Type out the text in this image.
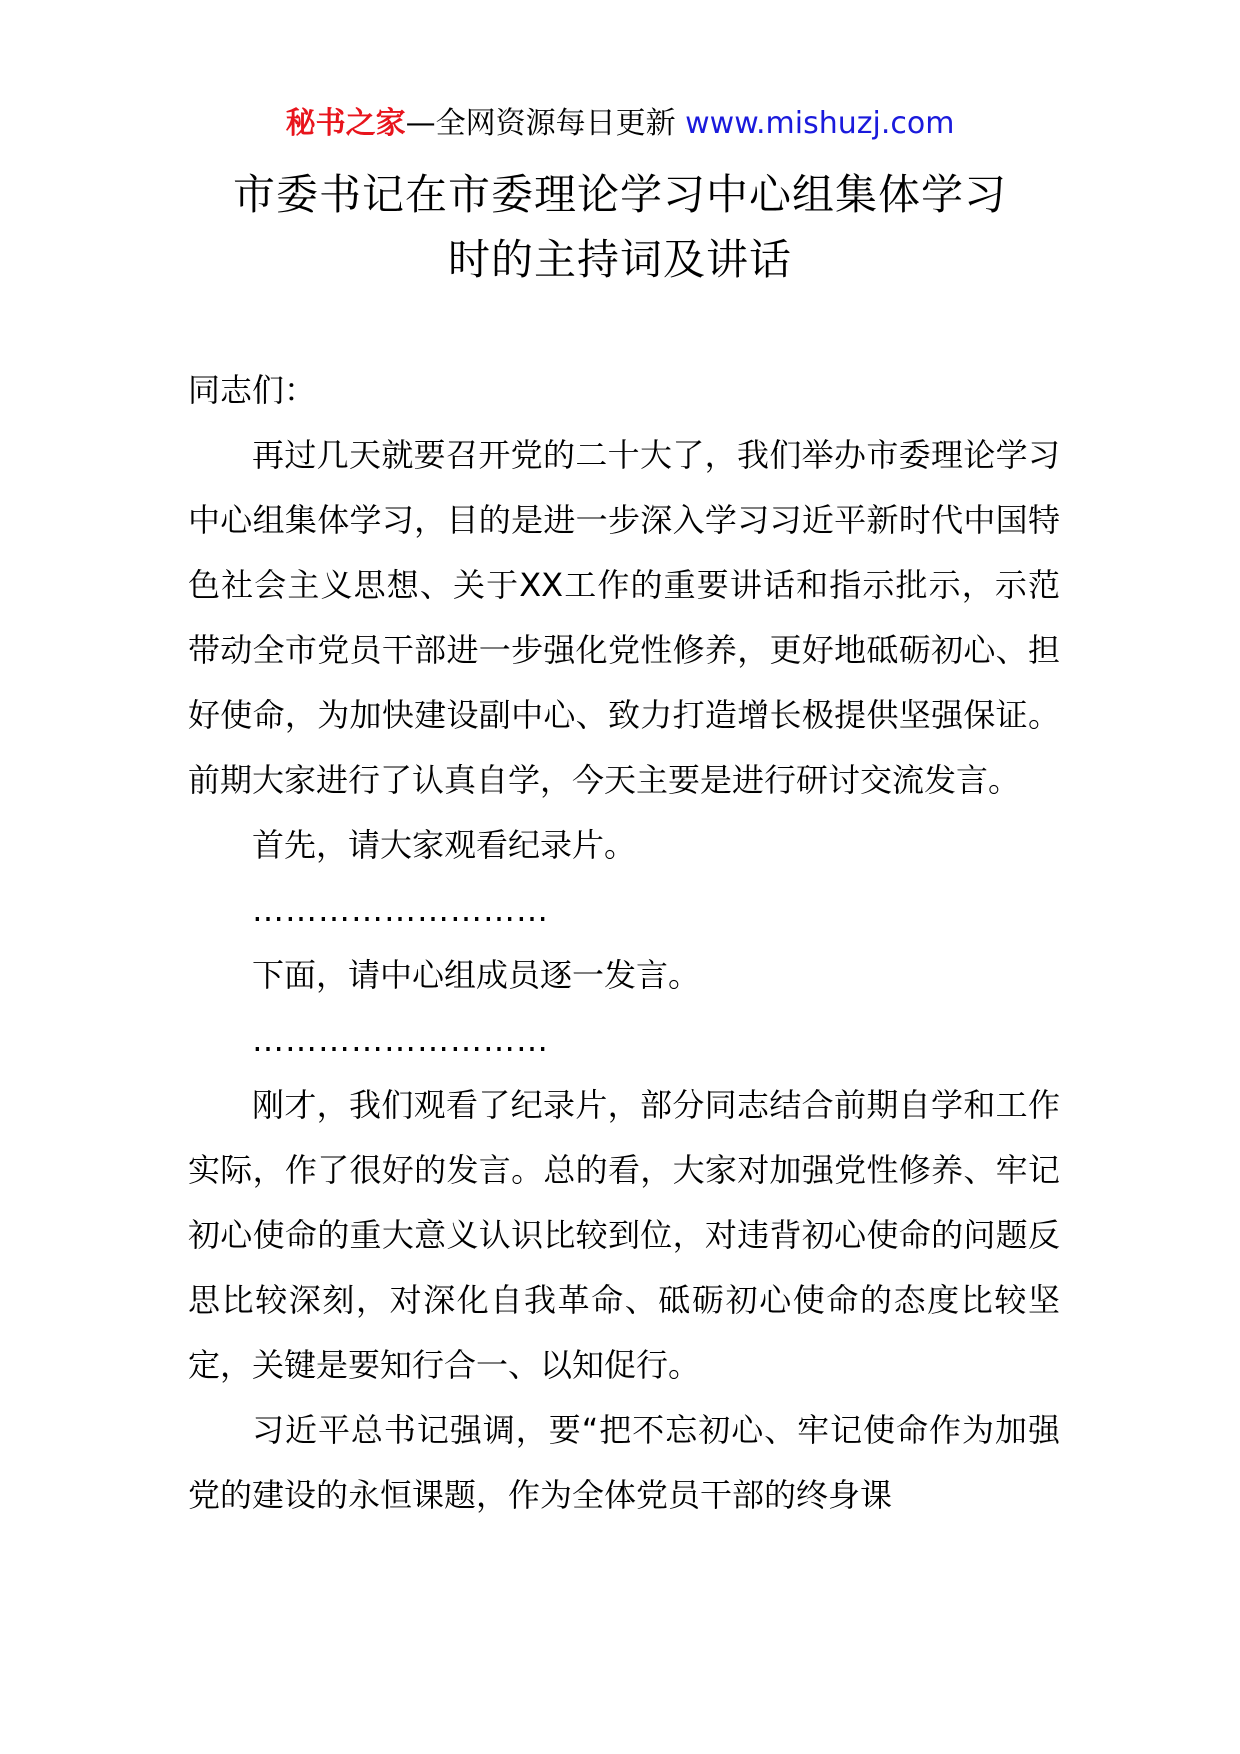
秘书之家—全网资源每日更新 www.mishuzj.com
市委书记在市委理论学习中心组集体学习
时的主持词及讲话

同志们：

再过几天就要召开党的二十大了，我们举办市委理论学习中心组集体学习，目的是进一步深入学习习近平新时代中国特色社会主义思想、关于XX工作的重要讲话和指示批示，示范带动全市党员干部进一步强化党性修养，更好地砥砺初心、担好使命，为加快建设副中心、致力打造增长极提供坚强保证。前期大家进行了认真自学，今天主要是进行研讨交流发言。

首先，请大家观看纪录片。

………………………

下面，请中心组成员逐一发言。

………………………

刚才，我们观看了纪录片，部分同志结合前期自学和工作实际，作了很好的发言。总的看，大家对加强党性修养、牢记初心使命的重大意义认识比较到位，对违背初心使命的问题反思比较深刻，对深化自我革命、砥砺初心使命的态度比较坚定，关键是要知行合一、以知促行。

习近平总书记强调，要“把不忘初心、牢记使命作为加强党的建设的永恒课题，作为全体党员干部的终身课
